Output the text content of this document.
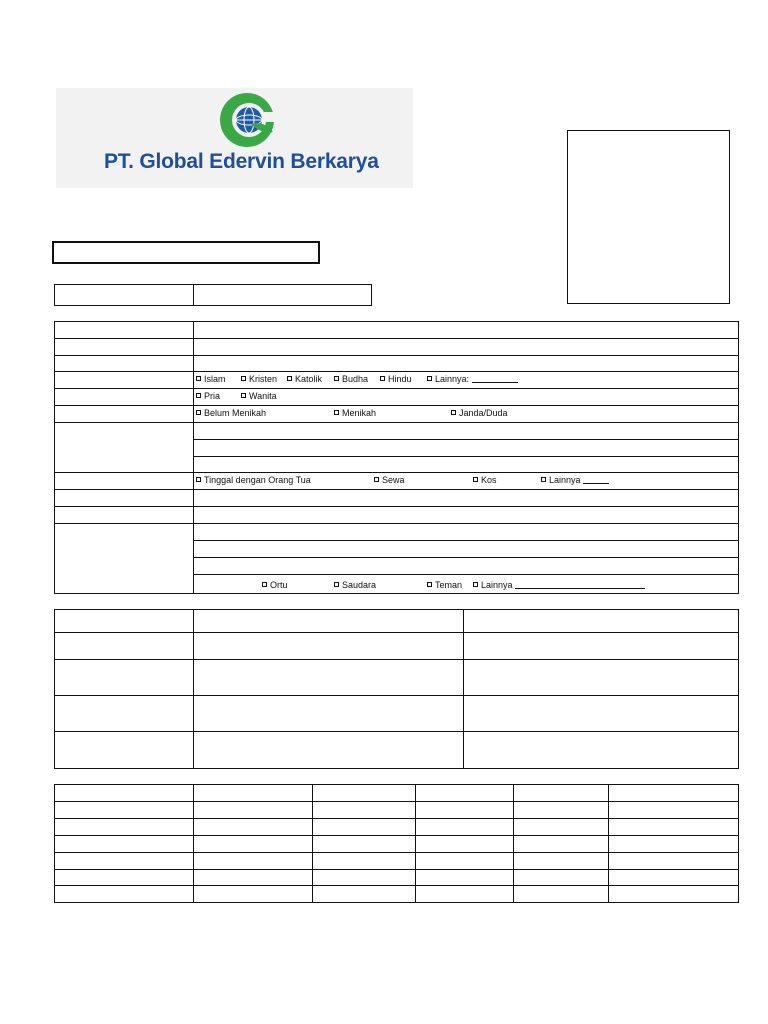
PT. Global Edervin Berkarya
Islam	Kristen	Katolik	Budha	Hindu	Lainnya:
Pria	Wanita
Belum Menikah	Menikah	Janda/Duda
Tinggal dengan Orang Tua	Sewa	Kos	Lainnya
Ortu	Saudara	Teman	Lainnya
